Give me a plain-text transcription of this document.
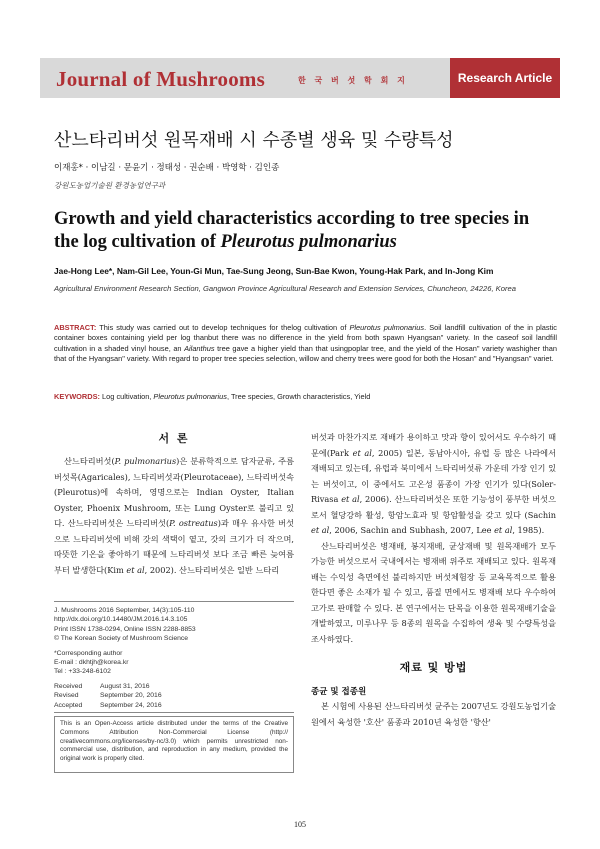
Journal of Mushrooms	한 국 버 섯 학 회 지	Research Article
산느타리버섯 원목재배 시 수종별 생육 및 수량특성
이재홍* · 이남길 · 문윤기 · 정태성 · 권순배 · 박영학 · 김인종
강원도농업기술원 환경농업연구과
Growth and yield characteristics according to tree species in the log cultivation of Pleurotus pulmonarius
Jae-Hong Lee*, Nam-Gil Lee, Youn-Gi Mun, Tae-Sung Jeong, Sun-Bae Kwon, Young-Hak Park, and In-Jong Kim
Agricultural Environment Research Section, Gangwon Province Agricultural Research and Extension Services, Chuncheon, 24226, Korea
ABSTRACT: This study was carried out to develop techniques for thelog cultivation of Pleurotus pulmonarius. Soil landfill cultivation of the in plastic container boxes containing yield per log thanbut there was no difference in the yield from both spawn Hyangsan" variety. In the caseof soil landfill cultivation in a shaded vinyl house, an Ailanthus tree gave a higher yield than that usingpoplar tree, and the yield of the Hosan" variety washigher than that of the Hyangsan" variety. With regard to proper tree species selection, willow and cherry trees were good for both the Hosan" and "Hyangsan" variet.
KEYWORDS: Log cultivation, Pleurotus pulmonarius, Tree species, Growth characteristics, Yield
서 론

산느타리버섯(P. pulmonarius)은 분류학적으로 담자균류, 주름버섯목(Agaricales), 느타리버섯과(Pleurotaceae), 느타리버섯속(Pleurotus)에 속하며, 영명으로는 Indian Oyster, Italian Oyster, Phoenix Mushroom, 또는 Lung Oyster로 불리고 있다. 산느타리버섯은 느타리버섯(P. ostreatus)과 매우 유사한 버섯으로 느타리버섯에 비해 갓의 색택이 옅고, 갓의 크기가 더 작으며, 따뜻한 기온을 좋아하기 때문에 느타리버섯 보다 조금 빠른 늦여름부터 발생한다(Kim et al, 2002). 산느타리버섯은 일반 느타리

J. Mushrooms 2016 September, 14(3):105-110
http://dx.doi.org/10.14480/JM.2016.14.3.105
Print ISSN 1738-0294, Online ISSN 2288-8853
© The Korean Society of Mushroom Science
*Corresponding author
E-mail : dkhtjh@korea.kr
Tel : +33-248-6102
Received	August 31, 2016
Revised	September 20, 2016
Accepted	September 24, 2016
This is an Open-Access article distributed under the terms of the Creative Commons Attribution Non-Commercial License (http:// creativecommons.org/licenses/by-nc/3.0) which permits unrestricted non-commercial use, distribution, and reproduction in any medium, provided the original work is properly cited.

버섯과 마찬가지로 재배가 용이하고 맛과 향이 있어서도 우수하기 때문에(Park et al, 2005) 일본, 동남아시아, 유럽 등 많은 나라에서 재배되고 있는데, 유럽과 북미에서 느타리버섯류 가운데 가장 인기 있는 버섯이고, 이 중에서도 고온성 품종이 가장 인기가 있다(Soler-Rivasa et al, 2006). 산느타리버섯은 또한 기능성이 풍부한 버섯으로서 혈당강하 활성, 항암노효과 및 항암활성을 갖고 있다 (Sachin et al, 2006, Sachin and Subhash, 2007, Lee et al, 1985).

산느타리버섯은 병재배, 봉지재배, 균상재배 및 원목재배가 모두 가능한 버섯으로서 국내에서는 병재배 위주로 재배되고 있다. 원목재배는 수익성 측면에선 불리하지만 버섯체험장 등 교육목적으로 활용한다면 좋은 소재가 될 수 있고, 품질 면에서도 병재배 보다 우수하여 고가로 판매할 수 있다. 본 연구에서는 단목을 이용한 원목재배기술을 개발하였고, 미루나무 등 8종의 원목을 수집하여 생육 및 수량특성을 조사하였다.

재료 및 방법
종균 및 접종원

본 시험에 사용된 산느타리버섯 균주는 2007년도 강원도농업기술원에서 육성한 '호산' 품종과 2010년 육성한 '향산'

105
